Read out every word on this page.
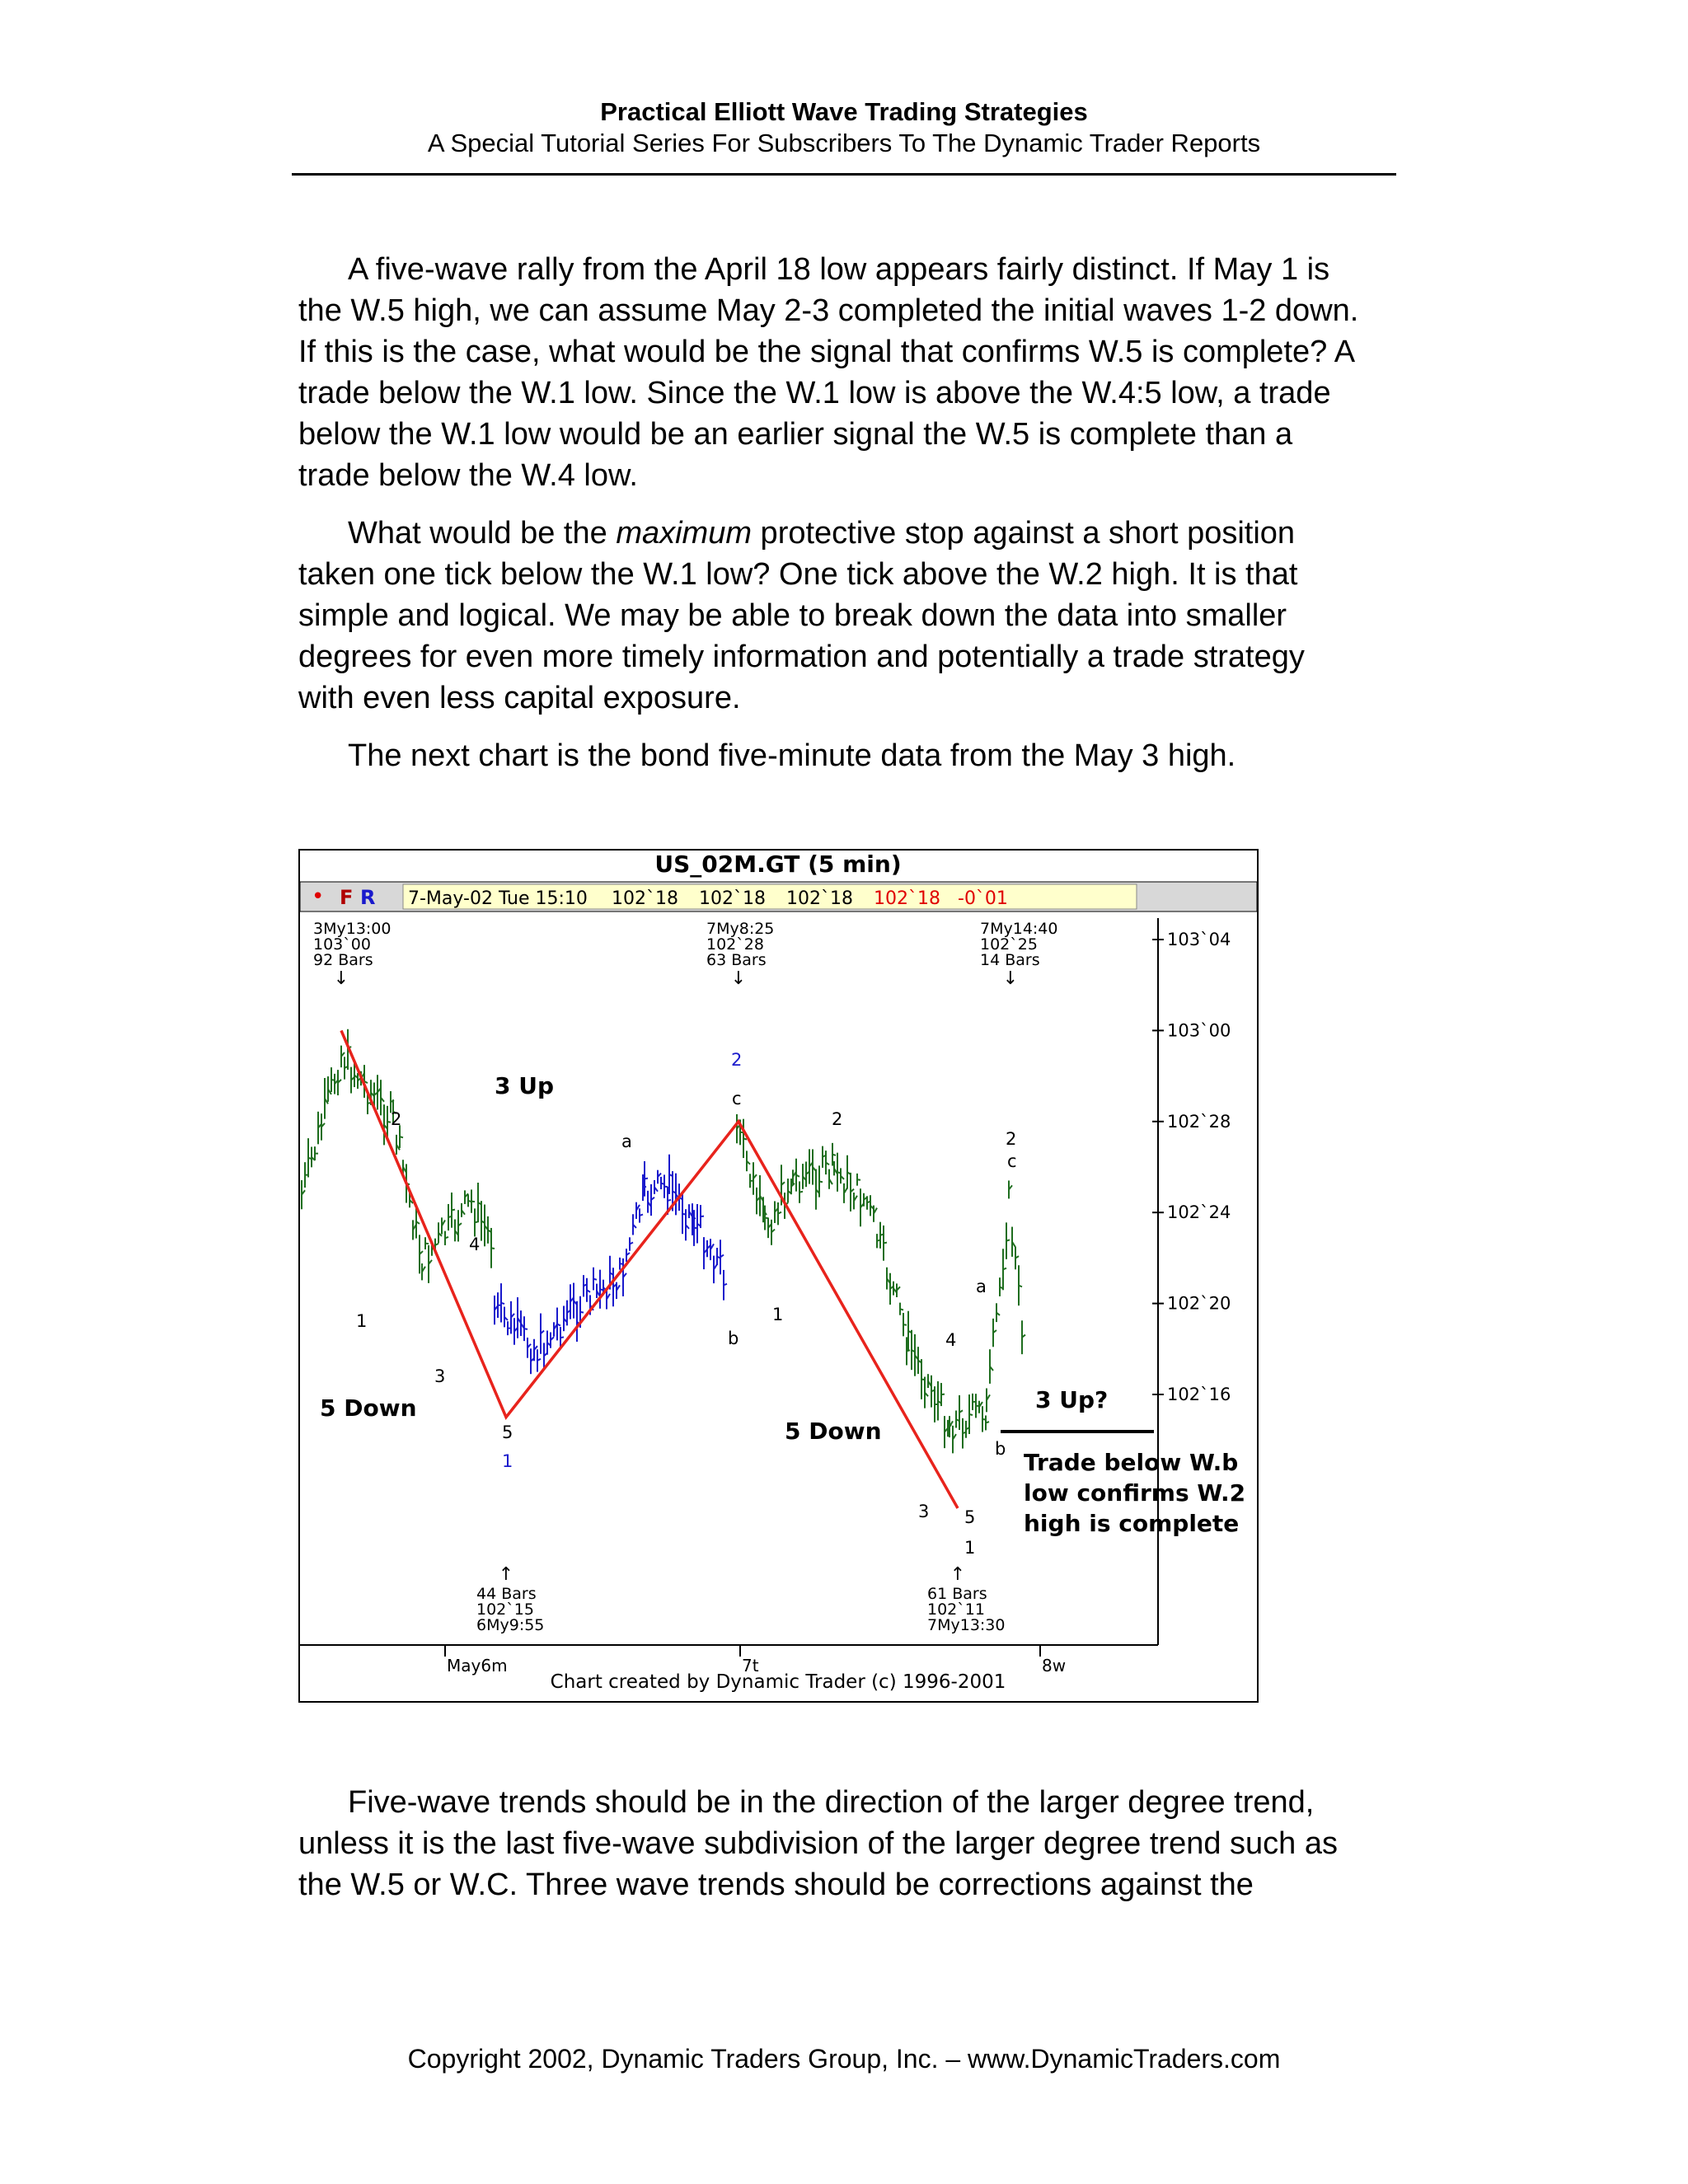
Practical Elliott Wave Trading Strategies
A Special Tutorial Series For Subscribers To The Dynamic Trader Reports

A five-wave rally from the April 18 low appears fairly distinct. If May 1 is the W.5 high, we can assume May 2-3 completed the initial waves 1-2 down. If this is the case, what would be the signal that confirms W.5 is complete? A trade below the W.1 low. Since the W.1 low is above the W.4:5 low, a trade below the W.1 low would be an earlier signal the W.5 is complete than a trade below the W.4 low.

What would be the maximum protective stop against a short position taken one tick below the W.1 low? One tick above the W.2 high. It is that simple and logical. We may be able to break down the data into smaller degrees for even more timely information and potentially a trade strategy with even less capital exposure.

The next chart is the bond five-minute data from the May 3 high.

US_02M.GT (5 min)
• F R 7-May-02 Tue 15:10 102`18 102`18 102`18 102`18 -0`01
103`04
103`00
102`28
102`24
102`20
102`16
May6m	7t	8w
3My13:00
103`00
92 Bars
↓
7My8:25
102`28
63 Bars
↓
7My14:40
102`25
14 Bars
↓
↑
44 Bars
102`15
6My9:55
↑
61 Bars
102`11
7My13:30
2
4
1
3
5
1
a
2
c
b
2
1
4
3 5
1
a
2
c
b
3 Up
5 Down
5 Down
3 Up?
Trade below W.b
low confirms W.2
high is complete
Chart created by Dynamic Trader (c) 1996-2001

Five-wave trends should be in the direction of the larger degree trend, unless it is the last five-wave subdivision of the larger degree trend such as the W.5 or W.C. Three wave trends should be corrections against the

Copyright 2002, Dynamic Traders Group, Inc. – www.DynamicTraders.com
